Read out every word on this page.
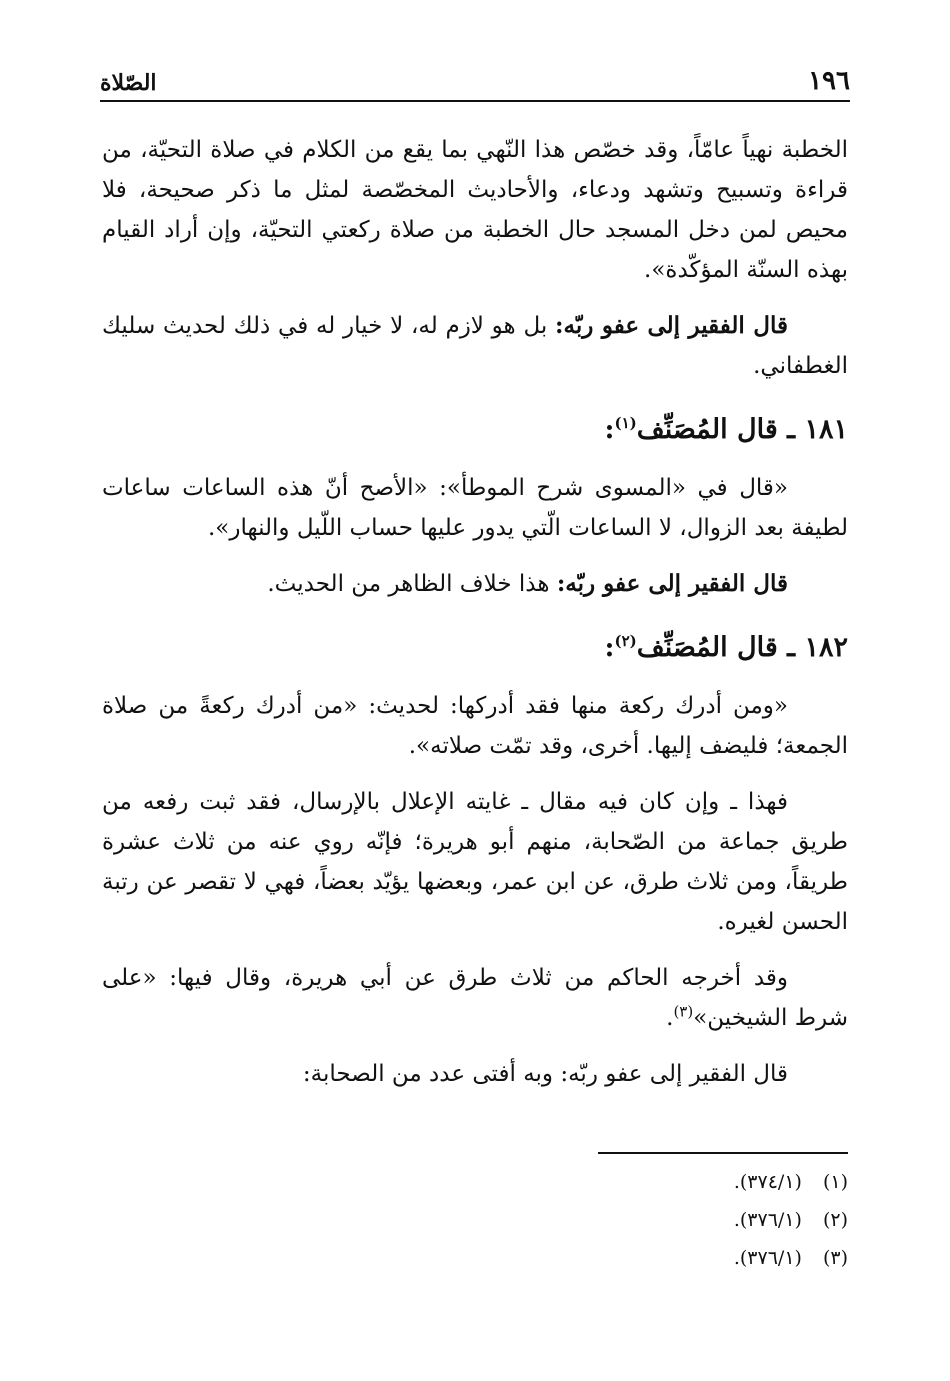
١٩٦
الصّلاة

الخطبة نهياً عامّاً، وقد خصّص هذا النّهي بما يقع من الكلام في صلاة التحيّة، من قراءة وتسبيح وتشهد ودعاء، والأحاديث المخصّصة لمثل ما ذكر صحيحة، فلا محيص لمن دخل المسجد حال الخطبة من صلاة ركعتي التحيّة، وإن أراد القيام بهذه السنّة المؤكّدة».

قال الفقير إلى عفو ربّه: بل هو لازم له، لا خيار له في ذلك لحديث سليك الغطفاني.

١٨١ ـ قال المُصَنِّف$^{(١)}$:

«قال في «المسوى شرح الموطأ»: «الأصح أنّ هذه الساعات ساعات لطيفة بعد الزوال، لا الساعات الّتي يدور عليها حساب اللّيل والنهار».

قال الفقير إلى عفو ربّه: هذا خلاف الظاهر من الحديث.

١٨٢ ـ قال المُصَنِّف$^{(٢)}$:

«ومن أدرك ركعة منها فقد أدركها: لحديث: «من أدرك ركعةً من صلاة الجمعة؛ فليضف إليها. أخرى، وقد تمّت صلاته».

فهذا ـ وإن كان فيه مقال ـ غايته الإعلال بالإرسال، فقد ثبت رفعه من طريق جماعة من الصّحابة، منهم أبو هريرة؛ فإنّه روي عنه من ثلاث عشرة طريقاً، ومن ثلاث طرق، عن ابن عمر، وبعضها يؤيّد بعضاً، فهي لا تقصر عن رتبة الحسن لغيره.

وقد أخرجه الحاكم من ثلاث طرق عن أبي هريرة، وقال فيها: «على شرط الشيخين»$^{(٣)}$.

قال الفقير إلى عفو ربّه: وبه أفتى عدد من الصحابة:

(١) (٣٧٤/١).
(٢) (٣٧٦/١).
(٣) (٣٧٦/١).
